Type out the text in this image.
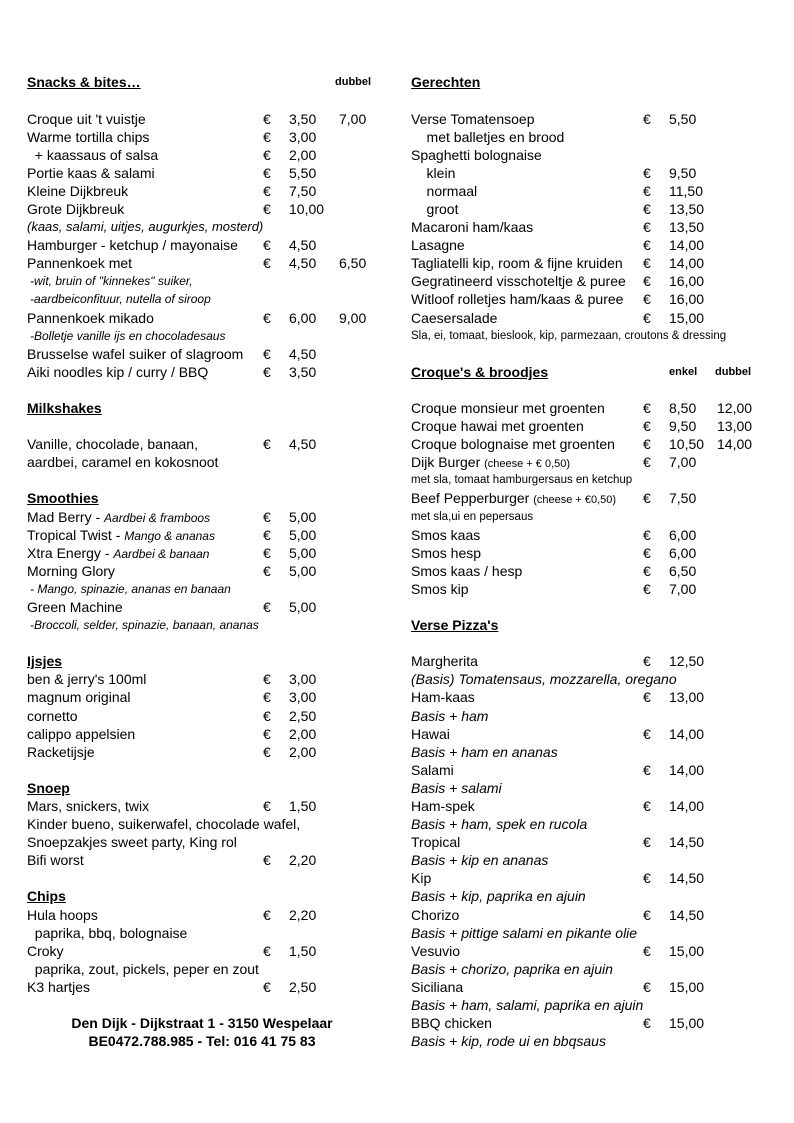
Snacks & bites…	dubbel
Croque uit 't vuistje	€ 3,50 7,00
Warme tortilla chips	€ 3,00
+ kaassaus of salsa	€ 2,00
Portie kaas & salami	€ 5,50
Kleine Dijkbreuk	€ 7,50
Grote Dijkbreuk	€ 10,00
(kaas, salami, uitjes, augurkjes, mosterd)
Hamburger - ketchup / mayonaise € 4,50
Pannenkoek met	€ 4,50 6,50
-wit, bruin of "kinnekes" suiker,
-aardbeiconfituur, nutella of siroop
Pannenkoek mikado	€ 6,00 9,00
-Bolletje vanille ijs en chocoladesaus
Brusselse wafel suiker of slagroom € 4,50
Aiki noodles kip / curry / BBQ	€ 3,50
Milkshakes
Vanille, chocolade, banaan,	€ 4,50
aardbei, caramel en kokosnoot
Smoothies
Mad Berry - Aardbei & framboos	€ 5,00
Tropical Twist - Mango & ananas	€ 5,00
Xtra Energy - Aardbei & banaan	€ 5,00
Morning Glory	€ 5,00
- Mango, spinazie, ananas en banaan
Green Machine	€ 5,00
-Broccoli, selder, spinazie, banaan, ananas
Ijsjes
ben & jerry's 100ml	€ 3,00
magnum original	€ 3,00
cornetto	€ 2,50
calippo appelsien	€ 2,00
Racketijsje	€ 2,00
Snoep
Mars, snickers, twix	€ 1,50
Kinder bueno, suikerwafel, chocolade wafel,
Snoepzakjes sweet party, King rol
Bifi worst	€ 2,20
Chips
Hula hoops	€ 2,20
paprika, bbq, bolognaise
Croky	€ 1,50
paprika, zout, pickels, peper en zout
K3 hartjes	€ 2,50
Gerechten
Verse Tomatensoep	€ 5,50
met balletjes en brood
Spaghetti bolognaise
klein	€ 9,50
normaal	€ 11,50
groot	€ 13,50
Macaroni ham/kaas	€ 13,50
Lasagne	€ 14,00
Tagliatelli kip, room & fijne kruiden € 14,00
Gegratineerd visschoteltje & puree € 16,00
Witloof rolletjes ham/kaas & puree € 16,00
Caesersalade	€ 15,00
Sla, ei, tomaat, bieslook, kip, parmezaan, croutons & dressing
Croque's & broodjes	enkel dubbel
Croque monsieur met groenten	€ 8,50 12,00
Croque hawai met groenten	€ 9,50 13,00
Croque bolognaise met groenten € 10,50 14,00
Dijk Burger (cheese + € 0,50)	€ 7,00
met sla, tomaat hamburgersaus en ketchup
Beef Pepperburger (cheese + €0,50) € 7,50
met sla,ui en pepersaus
Smos kaas	€ 6,00
Smos hesp	€ 6,00
Smos kaas / hesp	€ 6,50
Smos kip	€ 7,00
Verse Pizza's
Margherita	€ 12,50
(Basis) Tomatensaus, mozzarella, oregano
Ham-kaas	€ 13,00
Basis + ham
Hawai	€ 14,00
Basis + ham en ananas
Salami	€ 14,00
Basis + salami
Ham-spek	€ 14,00
Basis + ham, spek en rucola
Tropical	€ 14,50
Basis + kip en ananas
Kip	€ 14,50
Basis + kip, paprika en ajuin
Chorizo	€ 14,50
Basis + pittige salami en pikante olie
Vesuvio	€ 15,00
Basis + chorizo, paprika en ajuin
Siciliana	€ 15,00
Basis + ham, salami, paprika en ajuin
BBQ chicken	€ 15,00
Basis + kip, rode ui en bbqsaus
Den Dijk - Dijkstraat 1 - 3150 Wespelaar
BE0472.788.985 - Tel: 016 41 75 83
